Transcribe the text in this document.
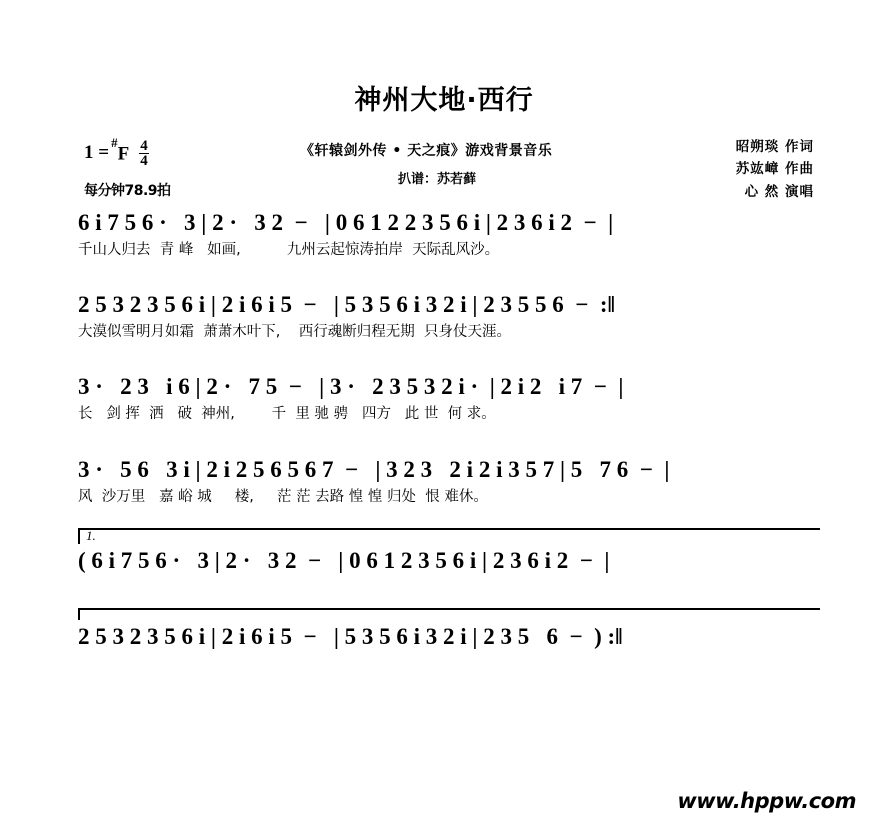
神州大地·西行
$1 = ^{\#}F \frac{4}{4}$
每分钟78.9拍
《轩辕剑外传 • 天之痕》游戏背景音乐
扒谱：苏若藓
昭朔琰 作词
苏竑嶂 作曲
心 然 演唱
6 i 7 5 6 ·   3 | 2 ·   3 2  −   | 0 6 1 2 2 3 5 6 i | 2 3 6 i 2  −  |
千山人归去  青 峰   如画,          九州云起惊涛拍岸  天际乱风沙。
2 5 3 2 3 5 6 i | 2 i 6 i 5  −   | 5 3 5 6 i 3 2 i | 2 3 5 5 6  −  :‖
大漠似雪明月如霜  萧萧木叶下,    西行魂断归程无期  只身仗天涯。
3 ·   2 3   i 6 | 2 ·   7 5  −   | 3 ·   2 3 5 3 2 i ·  | 2 i 2   i 7  −  |
长   剑 挥  洒   破  神州,        千  里 驰 骋   四方   此 世  何 求。
3 ·   5 6   3 i | 2 i 2 5 6 5 6 7  −   | 3 2 3   2 i 2 i 3 5 7 | 5   7 6  −  |
风  沙万里   嘉 峪 城     楼,     茫 茫 去路 惶 惶 归处  恨 难休。
1.
( 6 i 7 5 6 ·   3 | 2 ·   3 2  −   | 0 6 1 2 3 5 6 i | 2 3 6 i 2  −  |
2 5 3 2 3 5 6 i | 2 i 6 i 5  −   | 5 3 5 6 i 3 2 i | 2 3 5   6  −  ) :‖
www.hppw.com
